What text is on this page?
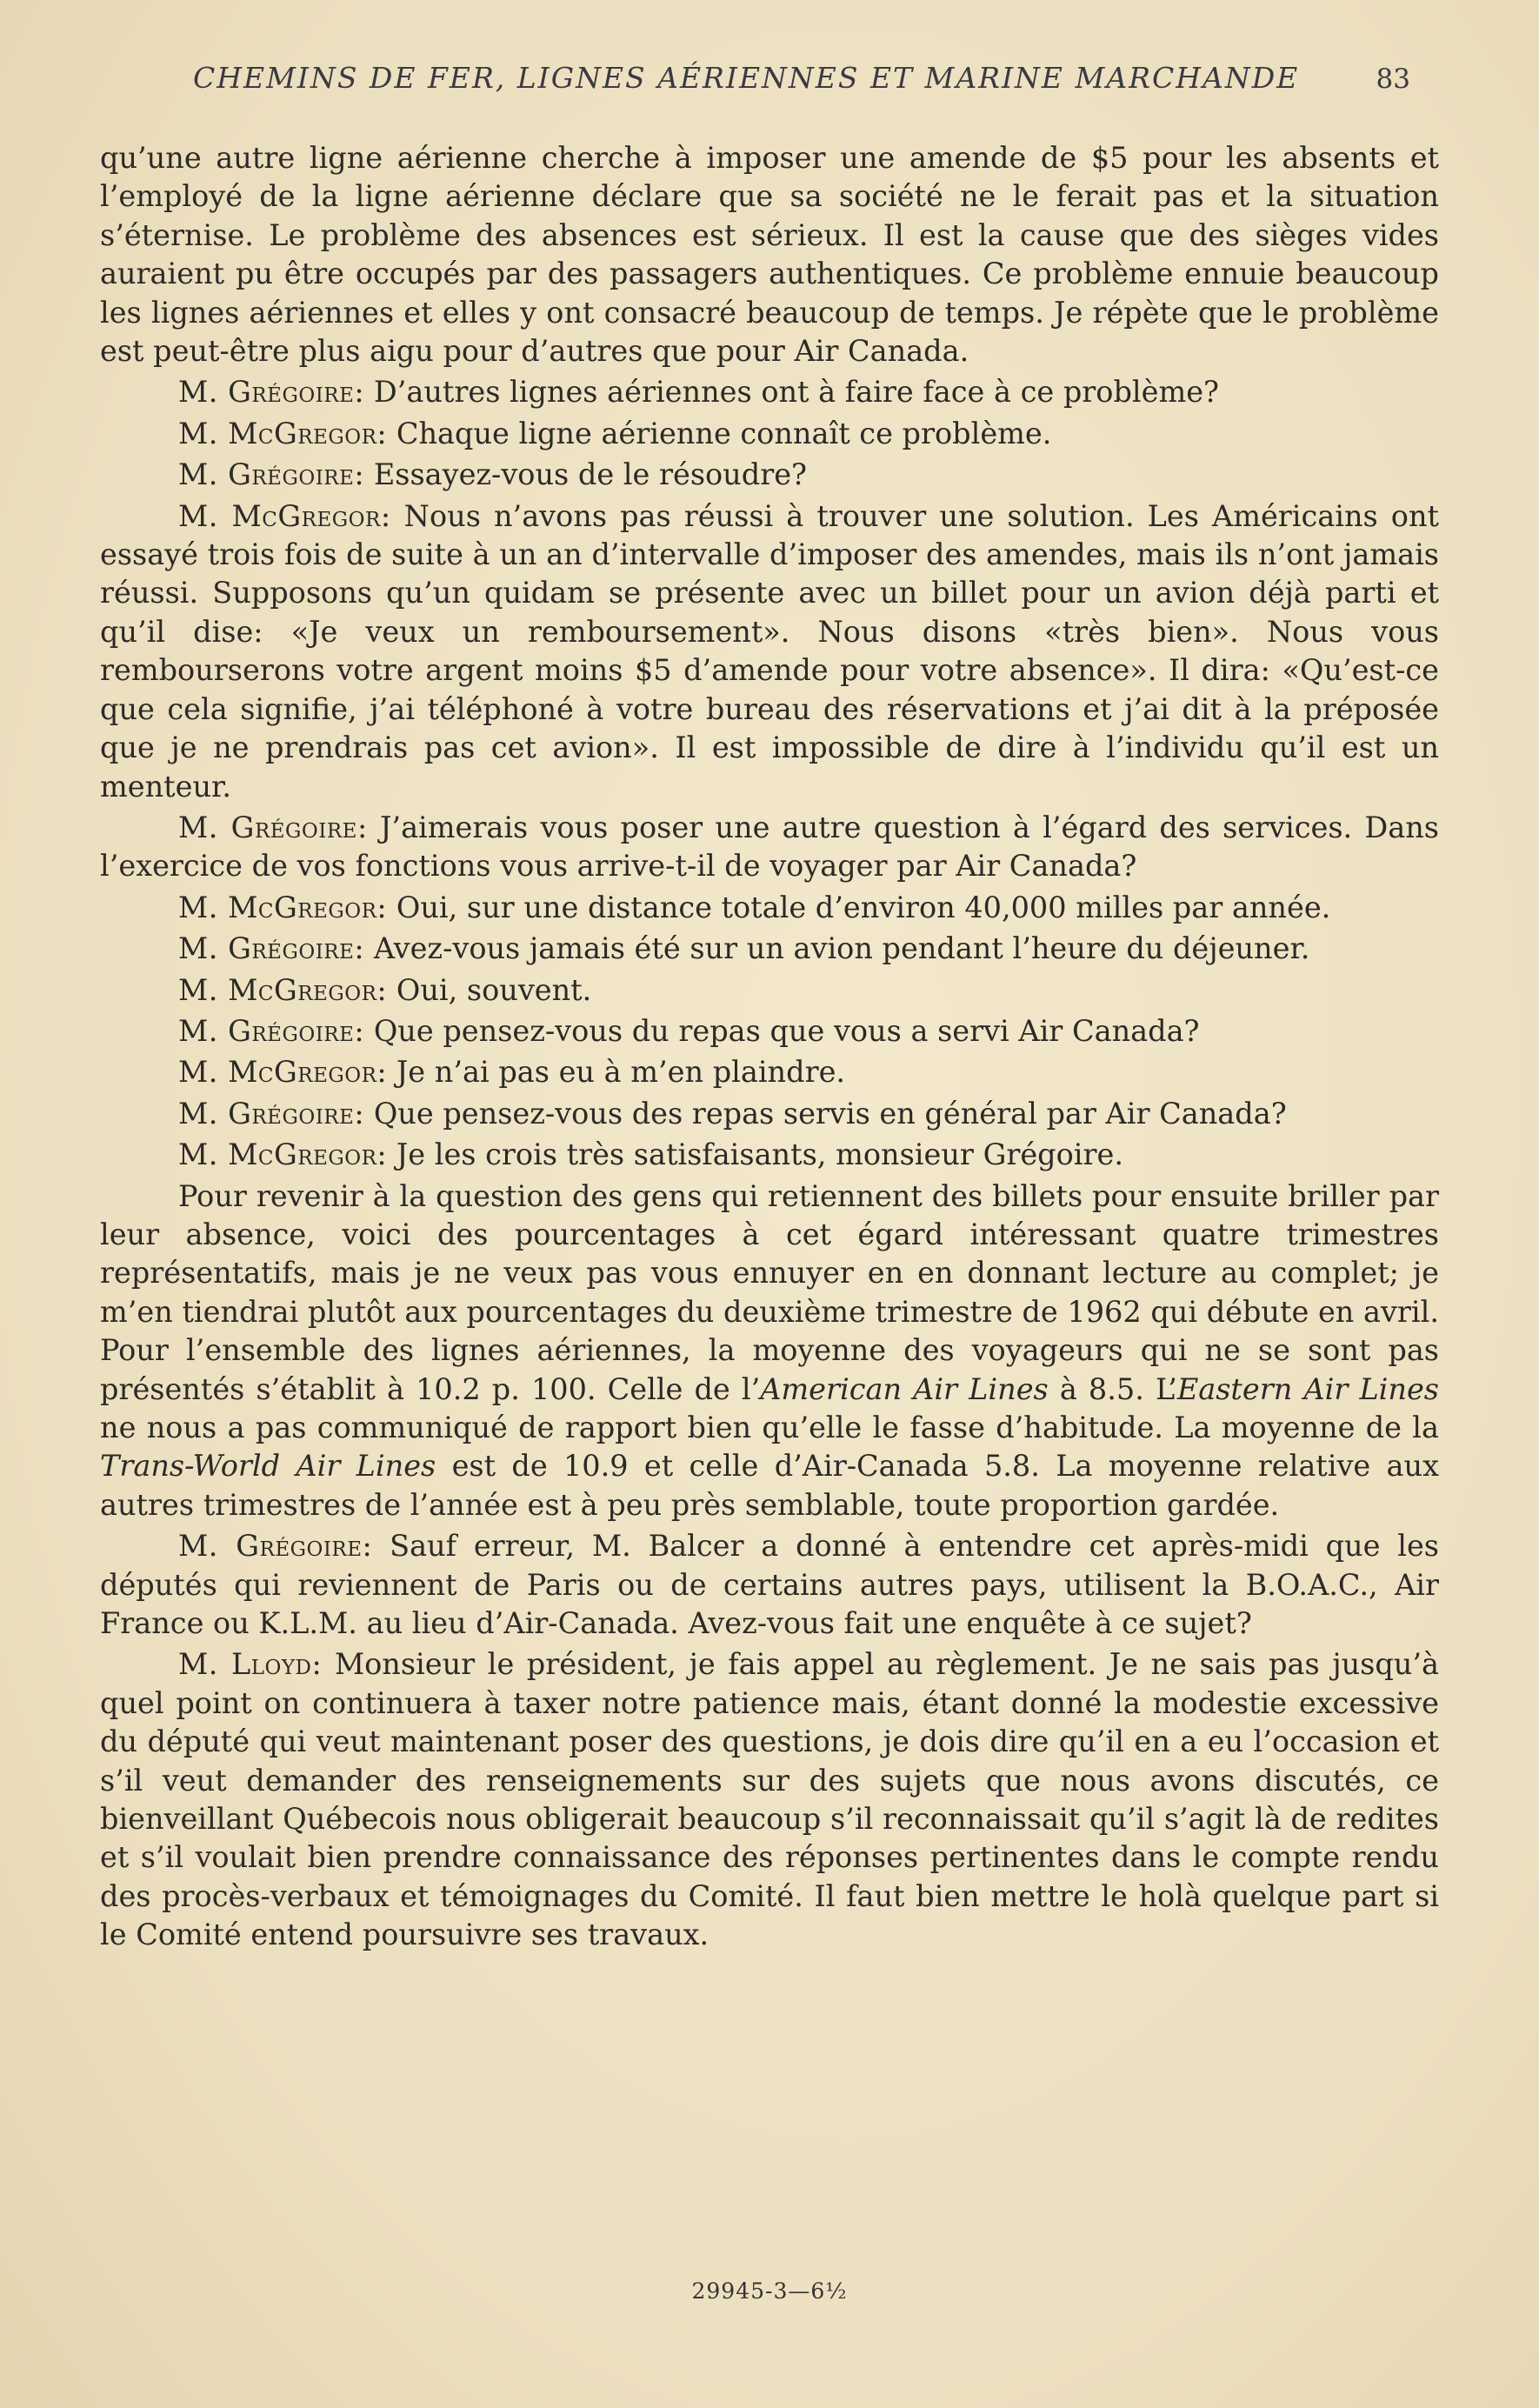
CHEMINS DE FER, LIGNES AÉRIENNES ET MARINE MARCHANDE	83

qu’une autre ligne aérienne cherche à imposer une amende de $5 pour les absents et l’employé de la ligne aérienne déclare que sa société ne le ferait pas et la situation s’éternise. Le problème des absences est sérieux. Il est la cause que des sièges vides auraient pu être occupés par des passagers authentiques. Ce problème ennuie beaucoup les lignes aériennes et elles y ont consacré beaucoup de temps. Je répète que le problème est peut-être plus aigu pour d’autres que pour Air Canada.

M. Grégoire: D’autres lignes aériennes ont à faire face à ce problème?

M. McGregor: Chaque ligne aérienne connaît ce problème.

M. Grégoire: Essayez-vous de le résoudre?

M. McGregor: Nous n’avons pas réussi à trouver une solution. Les Américains ont essayé trois fois de suite à un an d’intervalle d’imposer des amendes, mais ils n’ont jamais réussi. Supposons qu’un quidam se présente avec un billet pour un avion déjà parti et qu’il dise: «Je veux un remboursement». Nous disons «très bien». Nous vous rembourserons votre argent moins $5 d’amende pour votre absence». Il dira: «Qu’est-ce que cela signifie, j’ai téléphoné à votre bureau des réservations et j’ai dit à la préposée que je ne prendrais pas cet avion». Il est impossible de dire à l’individu qu’il est un menteur.

M. Grégoire: J’aimerais vous poser une autre question à l’égard des services. Dans l’exercice de vos fonctions vous arrive-t-il de voyager par Air Canada?

M. McGregor: Oui, sur une distance totale d’environ 40,000 milles par année.

M. Grégoire: Avez-vous jamais été sur un avion pendant l’heure du déjeuner.

M. McGregor: Oui, souvent.

M. Grégoire: Que pensez-vous du repas que vous a servi Air Canada?

M. McGregor: Je n’ai pas eu à m’en plaindre.

M. Grégoire: Que pensez-vous des repas servis en général par Air Canada?

M. McGregor: Je les crois très satisfaisants, monsieur Grégoire.

Pour revenir à la question des gens qui retiennent des billets pour ensuite briller par leur absence, voici des pourcentages à cet égard intéressant quatre trimestres représentatifs, mais je ne veux pas vous ennuyer en en donnant lecture au complet; je m’en tiendrai plutôt aux pourcentages du deuxième trimestre de 1962 qui débute en avril. Pour l’ensemble des lignes aériennes, la moyenne des voyageurs qui ne se sont pas présentés s’établit à 10.2 p. 100. Celle de l’American Air Lines à 8.5. L’Eastern Air Lines ne nous a pas communiqué de rapport bien qu’elle le fasse d’habitude. La moyenne de la Trans-World Air Lines est de 10.9 et celle d’Air-Canada 5.8. La moyenne relative aux autres trimestres de l’année est à peu près semblable, toute proportion gardée.

M. Grégoire: Sauf erreur, M. Balcer a donné à entendre cet après-midi que les députés qui reviennent de Paris ou de certains autres pays, utilisent la B.O.A.C., Air France ou K.L.M. au lieu d’Air-Canada. Avez-vous fait une enquête à ce sujet?

M. Lloyd: Monsieur le président, je fais appel au règlement. Je ne sais pas jusqu’à quel point on continuera à taxer notre patience mais, étant donné la modestie excessive du député qui veut maintenant poser des questions, je dois dire qu’il en a eu l’occasion et s’il veut demander des renseignements sur des sujets que nous avons discutés, ce bienveillant Québecois nous obligerait beaucoup s’il reconnaissait qu’il s’agit là de redites et s’il voulait bien prendre connaissance des réponses pertinentes dans le compte rendu des procès-verbaux et témoignages du Comité. Il faut bien mettre le holà quelque part si le Comité entend poursuivre ses travaux.

29945-3—6½
